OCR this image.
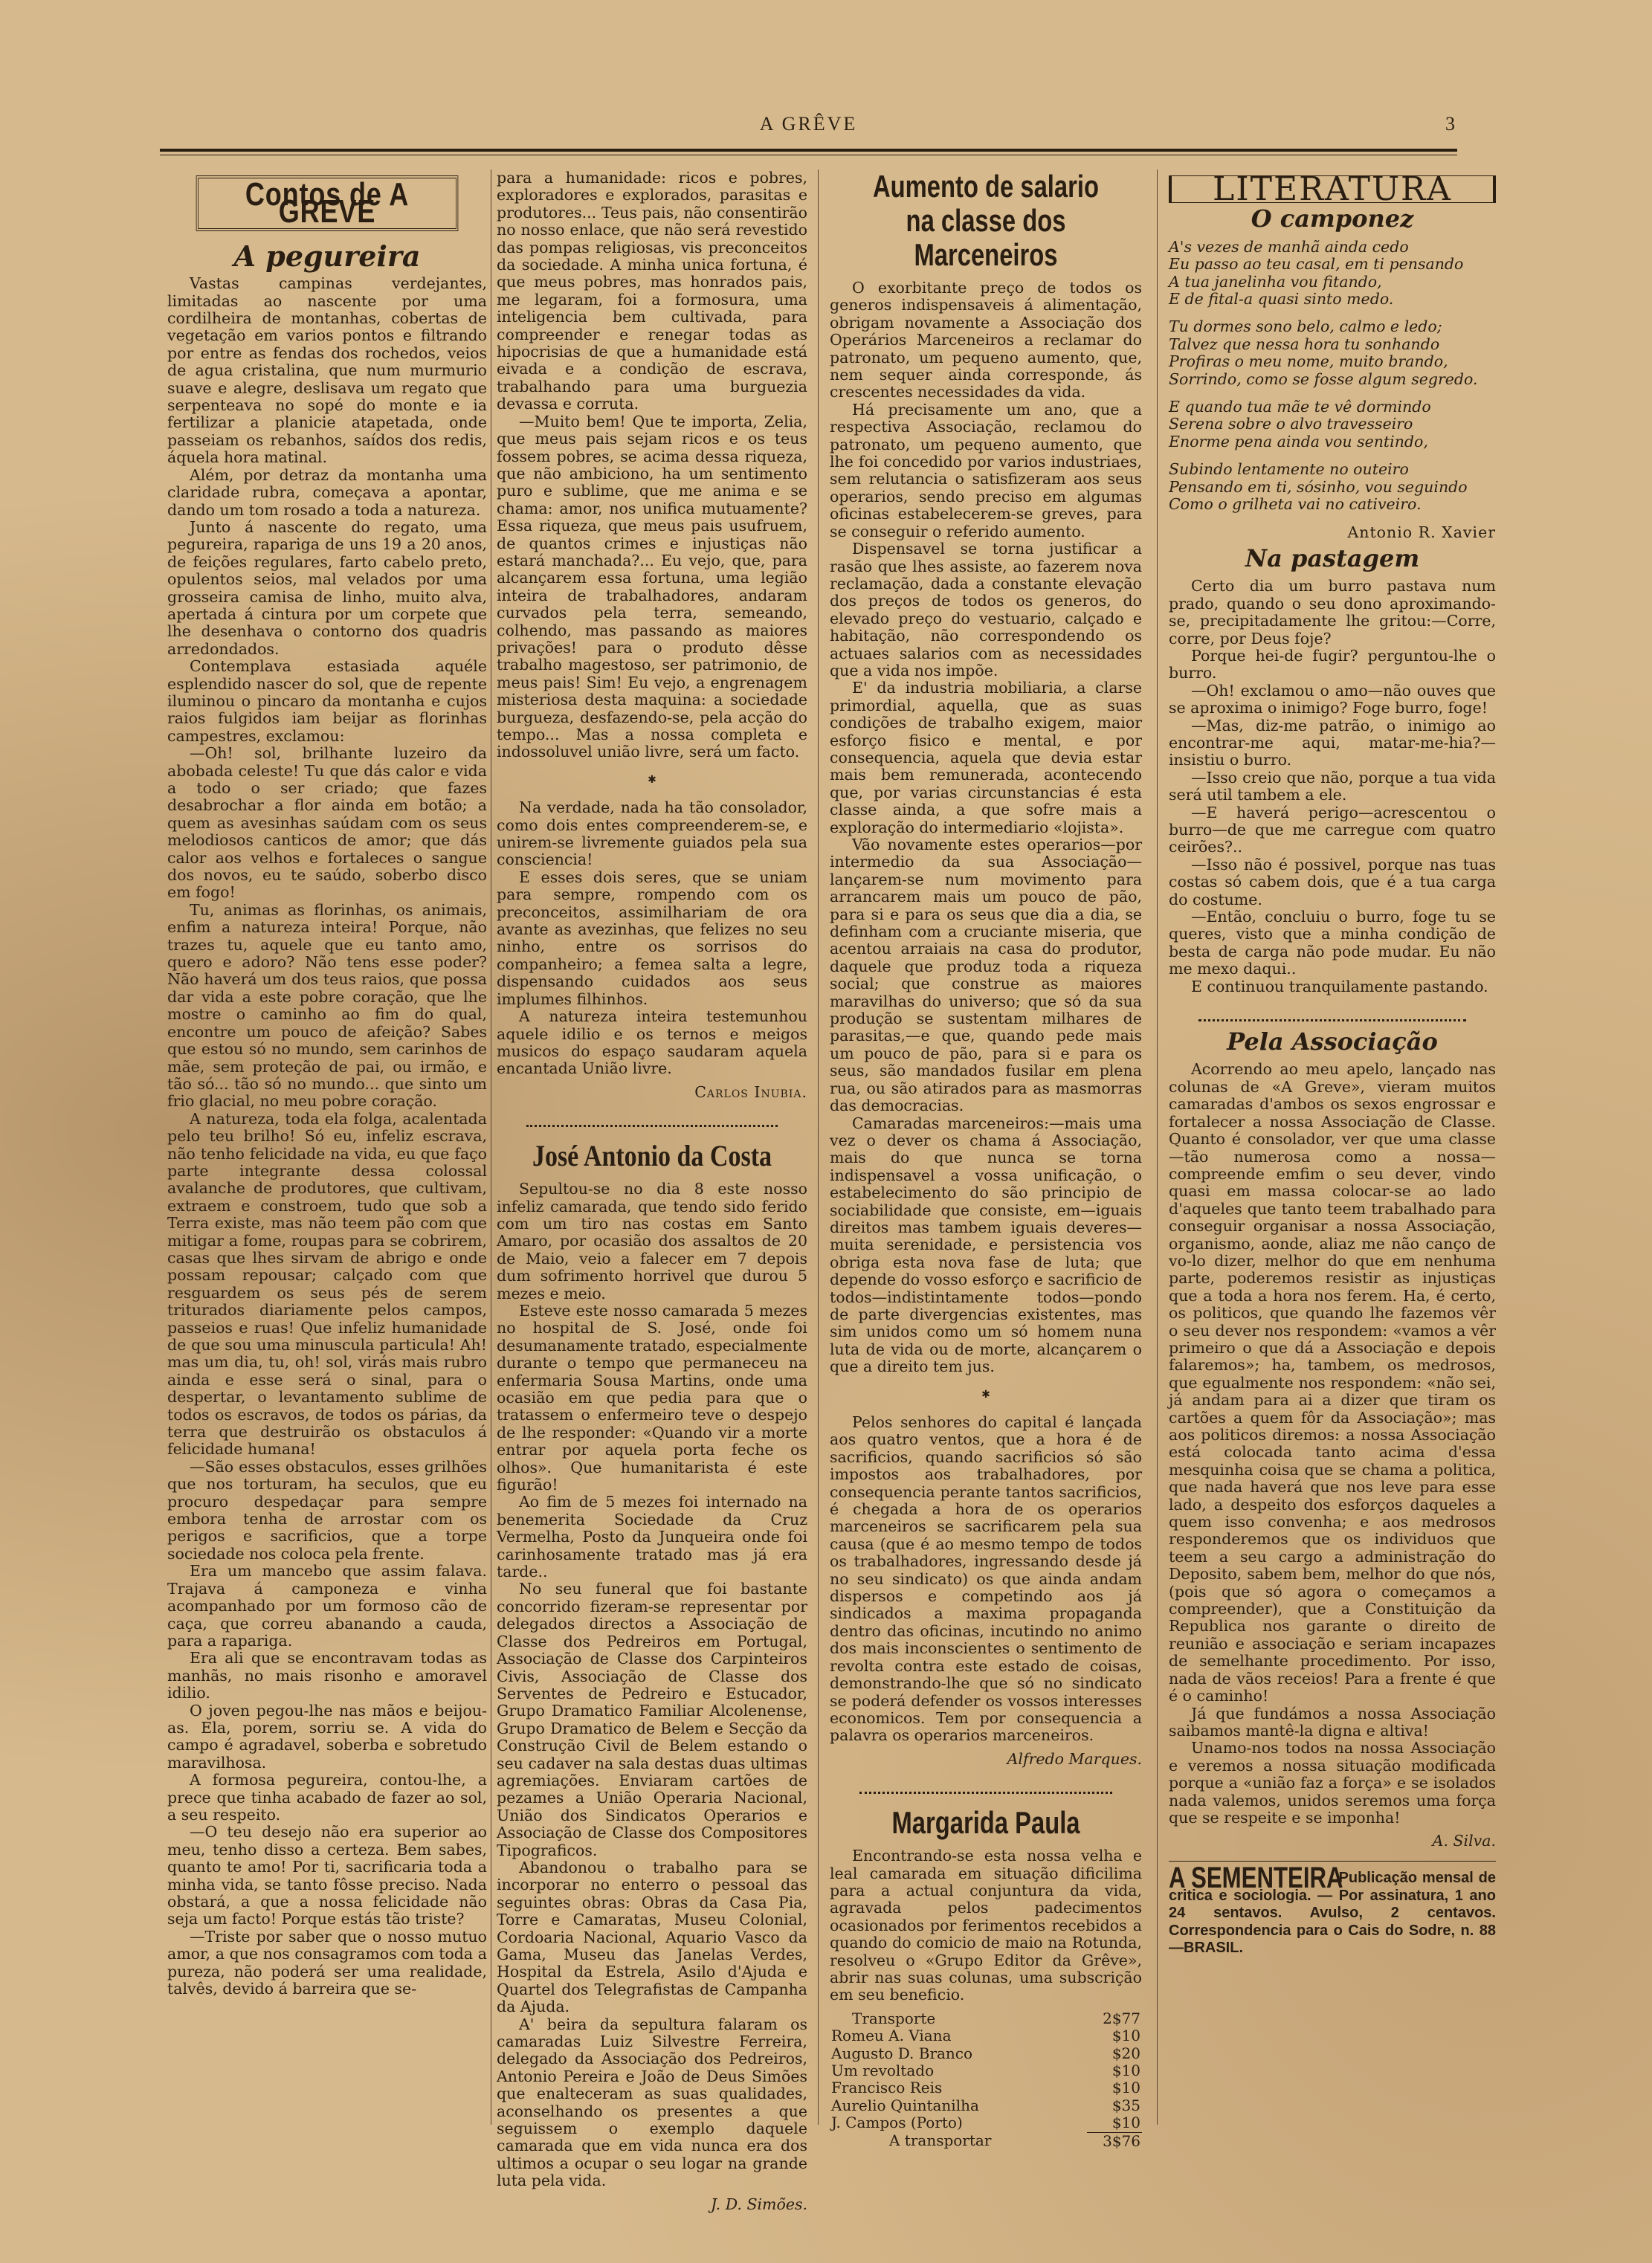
A GRÊVE	3
Contos de A GREVE
A pegureira

Vastas campinas verdejantes, limitadas ao nascente por uma cordilheira de montanhas, cobertas de vegetação em varios pontos e filtrando por entre as fendas dos rochedos, veios de agua cristalina, que num murmurio suave e alegre, deslisava um regato que serpenteava no sopé do monte e ia fertilizar a planicie atapetada, onde passeiam os rebanhos, saídos dos redis, áquela hora matinal.

Além, por detraz da montanha uma claridade rubra, começava a apontar, dando um tom rosado a toda a natureza.

Junto á nascente do regato, uma pegureira, rapariga de uns 19 a 20 anos, de feições regulares, farto cabelo preto, opulentos seios, mal velados por uma grosseira camisa de linho, muito alva, apertada á cintura por um corpete que lhe desenhava o contorno dos quadris arredondados.

Contemplava estasiada aquéle esplendido nascer do sol, que de repente iluminou o pincaro da montanha e cujos raios fulgidos iam beijar as florinhas campestres, exclamou:

—Oh! sol, brilhante luzeiro da abobada celeste! Tu que dás calor e vida a todo o ser criado; que fazes desabrochar a flor ainda em botão; a quem as avesinhas saúdam com os seus melodiosos canticos de amor; que dás calor aos velhos e fortaleces o sangue dos novos, eu te saúdo, soberbo disco em fogo!

Tu, animas as florinhas, os animais, enfim a natureza inteira! Porque, não trazes tu, aquele que eu tanto amo, quero e adoro? Não tens esse poder? Não haverá um dos teus raios, que possa dar vida a este pobre coração, que lhe mostre o caminho ao fim do qual, encontre um pouco de afeição? Sabes que estou só no mundo, sem carinhos de mãe, sem proteção de pai, ou irmão, e tão só... tão só no mundo... que sinto um frio glacial, no meu pobre coração.

A natureza, toda ela folga, acalentada pelo teu brilho! Só eu, infeliz escrava, não tenho felicidade na vida, eu que faço parte integrante dessa colossal avalanche de produtores, que cultivam, extraem e constroem, tudo que sob a Terra existe, mas não teem pão com que mitigar a fome, roupas para se cobrirem, casas que lhes sirvam de abrigo e onde possam repousar; calçado com que resguardem os seus pés de serem triturados diariamente pelos campos, passeios e ruas! Que infeliz humanidade de que sou uma minuscula particula! Ah! mas um dia, tu, oh! sol, virás mais rubro ainda e esse será o sinal, para o despertar, o levantamento sublime de todos os escravos, de todos os párias, da terra que destruirão os obstaculos á felicidade humana!

—São esses obstaculos, esses grilhões que nos torturam, ha seculos, que eu procuro despedaçar para sempre embora tenha de arrostar com os perigos e sacrificios, que a torpe sociedade nos coloca pela frente.

Era um mancebo que assim falava. Trajava á camponeza e vinha acompanhado por um formoso cão de caça, que correu abanando a cauda, para a rapariga.

Era ali que se encontravam todas as manhãs, no mais risonho e amoravel idilio.

O joven pegou-lhe nas mãos e beijou-as. Ela, porem, sorriu se. A vida do campo é agradavel, soberba e sobretudo maravilhosa.

A formosa pegureira, contou-lhe, a prece que tinha acabado de fazer ao sol, a seu respeito.

—O teu desejo não era superior ao meu, tenho disso a certeza. Bem sabes, quanto te amo! Por ti, sacrificaria toda a minha vida, se tanto fôsse preciso. Nada obstará, a que a nossa felicidade não seja um facto! Porque estás tão triste?

—Triste por saber que o nosso mutuo amor, a que nos consagramos com toda a pureza, não poderá ser uma realidade, talvês, devido á barreira que se-

para a humanidade: ricos e pobres, exploradores e explorados, parasitas e produtores... Teus pais, não consentirão no nosso enlace, que não será revestido das pompas religiosas, vis preconceitos da sociedade. A minha unica fortuna, é que meus pobres, mas honrados pais, me legaram, foi a formosura, uma inteligencia bem cultivada, para compreender e renegar todas as hipocrisias de que a humanidade está eivada e a condição de escrava, trabalhando para uma burguezia devassa e corruta.

—Muito bem! Que te importa, Zelia, que meus pais sejam ricos e os teus fossem pobres, se acima dessa riqueza, que não ambiciono, ha um sentimento puro e sublime, que me anima e se chama: amor, nos unifica mutuamente? Essa riqueza, que meus pais usufruem, de quantos crimes e injustiças não estará manchada?... Eu vejo, que, para alcançarem essa fortuna, uma legião inteira de trabalhadores, andaram curvados pela terra, semeando, colhendo, mas passando as maiores privações! para o produto dêsse trabalho magestoso, ser patrimonio, de meus pais! Sim! Eu vejo, a engrenagem misteriosa desta maquina: a sociedade burgueza, desfazendo-se, pela acção do tempo... Mas a nossa completa e indossoluvel união livre, será um facto.

✱

Na verdade, nada ha tão consolador, como dois entes compreenderem-se, e unirem-se livremente guiados pela sua consciencia!

E esses dois seres, que se uniam para sempre, rompendo com os preconceitos, assimilhariam de ora avante as avezinhas, que felizes no seu ninho, entre os sorrisos do companheiro; a femea salta a legre, dispensando cuidados aos seus implumes filhinhos.

A natureza inteira testemunhou aquele idilio e os ternos e meigos musicos do espaço saudaram aquela encantada União livre.

Carlos Inubia.
José Antonio da Costa

Sepultou-se no dia 8 este nosso infeliz camarada, que tendo sido ferido com um tiro nas costas em Santo Amaro, por ocasião dos assaltos de 20 de Maio, veio a falecer em 7 depois dum sofrimento horrivel que durou 5 mezes e meio.

Esteve este nosso camarada 5 mezes no hospital de S. José, onde foi desumanamente tratado, especialmente durante o tempo que permaneceu na enfermaria Sousa Martins, onde uma ocasião em que pedia para que o tratassem o enfermeiro teve o despejo de lhe responder: «Quando vir a morte entrar por aquela porta feche os olhos». Que humanitarista é este figurão!

Ao fim de 5 mezes foi internado na benemerita Sociedade da Cruz Vermelha, Posto da Junqueira onde foi carinhosamente tratado mas já era tarde..

No seu funeral que foi bastante concorrido fizeram-se representar por delegados directos a Associação de Classe dos Pedreiros em Portugal, Associação de Classe dos Carpinteiros Civis, Associação de Classe dos Serventes de Pedreiro e Estucador, Grupo Dramatico Familiar Alcolenense, Grupo Dramatico de Belem e Secção da Construção Civil de Belem estando o seu cadaver na sala destas duas ultimas agremiações. Enviaram cartões de pezames a União Operaria Nacional, União dos Sindicatos Operarios e Associação de Classe dos Compositores Tipograficos.

Abandonou o trabalho para se incorporar no enterro o pessoal das seguintes obras: Obras da Casa Pia, Torre e Camaratas, Museu Colonial, Cordoaria Nacional, Aquario Vasco da Gama, Museu das Janelas Verdes, Hospital da Estrela, Asilo d'Ajuda e Quartel dos Telegrafistas de Campanha da Ajuda.

A' beira da sepultura falaram os camaradas Luiz Silvestre Ferreira, delegado da Associação dos Pedreiros, Antonio Pereira e João de Deus Simões que enalteceram as suas qualidades, aconselhando os presentes a que seguissem o exemplo daquele camarada que em vida nunca era dos ultimos a ocupar o seu logar na grande luta pela vida.

J. D. Simões.
Aumento de salario na classe dos Marceneiros

O exorbitante preço de todos os generos indispensaveis á alimentação, obrigam novamente a Associação dos Operários Marceneiros a reclamar do patronato, um pequeno aumento, que, nem sequer ainda corresponde, ás crescentes necessidades da vida.

Há precisamente um ano, que a respectiva Associação, reclamou do patronato, um pequeno aumento, que lhe foi concedido por varios industriaes, sem relutancia o satisfizeram aos seus operarios, sendo preciso em algumas oficinas estabelecerem-se greves, para se conseguir o referido aumento.

Dispensavel se torna justificar a rasão que lhes assiste, ao fazerem nova reclamação, dada a constante elevação dos preços de todos os generos, do elevado preço do vestuario, calçado e habitação, não correspondendo os actuaes salarios com as necessidades que a vida nos impõe.

E' da industria mobiliaria, a clarse primordial, aquella, que as suas condições de trabalho exigem, maior esforço fisico e mental, e por consequencia, aquela que devia estar mais bem remunerada, acontecendo que, por varias circunstancias é esta classe ainda, a que sofre mais a exploração do intermediario «lojista».

Vão novamente estes operarios—por intermedio da sua Associação—lançarem-se num movimento para arrancarem mais um pouco de pão, para si e para os seus que dia a dia, se definham com a cruciante miseria, que acentou arraiais na casa do produtor, daquele que produz toda a riqueza social; que construe as maiores maravilhas do universo; que só da sua produção se sustentam milhares de parasitas,—e que, quando pede mais um pouco de pão, para si e para os seus, são mandados fusilar em plena rua, ou são atirados para as masmorras das democracias.

Camaradas marceneiros:—mais uma vez o dever os chama á Associação, mais do que nunca se torna indispensavel a vossa unificação, o estabelecimento do são principio de sociabilidade que consiste, em—iguais direitos mas tambem iguais deveres—muita serenidade, e persistencia vos obriga esta nova fase de luta; que depende do vosso esforço e sacrificio de todos—indistintamente todos—pondo de parte divergencias existentes, mas sim unidos como um só homem nuna luta de vida ou de morte, alcançarem o que a direito tem jus.

✱

Pelos senhores do capital é lançada aos quatro ventos, que a hora é de sacrificios, quando sacrificios só são impostos aos trabalhadores, por consequencia perante tantos sacrificios, é chegada a hora de os operarios marceneiros se sacrificarem pela sua causa (que é ao mesmo tempo de todos os trabalhadores, ingressando desde já no seu sindicato) os que ainda andam dispersos e competindo aos já sindicados a maxima propaganda dentro das oficinas, incutindo no animo dos mais inconscientes o sentimento de revolta contra este estado de coisas, demonstrando-lhe que só no sindicato se poderá defender os vossos interesses economicos. Tem por consequencia a palavra os operarios marceneiros.

Alfredo Marques.
Margarida Paula

Encontrando-se esta nossa velha e leal camarada em situação dificilima para a actual conjuntura da vida, agravada pelos padecimentos ocasionados por ferimentos recebidos a quando do comicio de maio na Rotunda, resolveu o «Grupo Editor da Grêve», abrir nas suas colunas, uma subscrição em seu beneficio.

Transporte	2$77
Romeu A. Viana	$10
Augusto D. Branco	$20
Um revoltado	$10
Francisco Reis	$10
Aurelio Quintanilha	$35
J. Campos (Porto)	$10
A transportar	3$76
LITERATURA
O camponez
A's vezes de manhã ainda cedo
Eu passo ao teu casal, em ti pensando
A tua janelinha vou fitando,
E de fital-a quasi sinto medo.
Tu dormes sono belo, calmo e ledo;
Talvez que nessa hora tu sonhando
Profiras o meu nome, muito brando,
Sorrindo, como se fosse algum segredo.
E quando tua mãe te vê dormindo
Serena sobre o alvo travesseiro
Enorme pena ainda vou sentindo,
Subindo lentamente no outeiro
Pensando em ti, sósinho, vou seguindo
Como o grilheta vai no cativeiro.
Antonio R. Xavier
Na pastagem

Certo dia um burro pastava num prado, quando o seu dono aproximando-se, precipitadamente lhe gritou:—Corre, corre, por Deus foje?

Porque hei-de fugir? perguntou-lhe o burro.

—Oh! exclamou o amo—não ouves que se aproxima o inimigo? Foge burro, foge!

—Mas, diz-me patrão, o inimigo ao encontrar-me aqui, matar-me-hia?—insistiu o burro.

—Isso creio que não, porque a tua vida será util tambem a ele.

—E haverá perigo—acrescentou o burro—de que me carregue com quatro ceirões?..

—Isso não é possivel, porque nas tuas costas só cabem dois, que é a tua carga do costume.

—Então, concluiu o burro, foge tu se queres, visto que a minha condição de besta de carga não pode mudar. Eu não me mexo daqui..

E continuou tranquilamente pastando.

Pela Associação

Acorrendo ao meu apelo, lançado nas colunas de «A Greve», vieram muitos camaradas d'ambos os sexos engrossar e fortalecer a nossa Associação de Classe. Quanto é consolador, ver que uma classe—tão numerosa como a nossa—compreende emfim o seu dever, vindo quasi em massa colocar-se ao lado d'aqueles que tanto teem trabalhado para conseguir organisar a nossa Associação, organismo, aonde, aliaz me não canço de vo-lo dizer, melhor do que em nenhuma parte, poderemos resistir as injustiças que a toda a hora nos ferem. Ha, é certo, os politicos, que quando lhe fazemos vêr o seu dever nos respondem: «vamos a vêr primeiro o que dá a Associação e depois falaremos»; ha, tambem, os medrosos, que egualmente nos respondem: «não sei, já andam para ai a dizer que tiram os cartões a quem fôr da Associação»; mas aos politicos diremos: a nossa Associação está colocada tanto acima d'essa mesquinha coisa que se chama a politica, que nada haverá que nos leve para esse lado, a despeito dos esforços daqueles a quem isso convenha; e aos medrosos responderemos que os individuos que teem a seu cargo a administração do Deposito, sabem bem, melhor do que nós, (pois que só agora o começamos a compreender), que a Constituição da Republica nos garante o direito de reunião e associação e seriam incapazes de semelhante procedimento. Por isso, nada de vãos receios! Para a frente é que é o caminho!

Já que fundámos a nossa Associação saibamos mantê-la digna e altiva!

Unamo-nos todos na nossa Associação e veremos a nossa situação modificada porque a «união faz a força» e se isolados nada valemos, unidos seremos uma força que se respeite e se imponha!

A. Silva.
A SEMENTEIRA Publicação mensal de critica e sociologia. — Por assinatura, 1 ano 24 sentavos. Avulso, 2 centavos. Correspondencia para o Cais do Sodre, n. 88—BRASIL.
